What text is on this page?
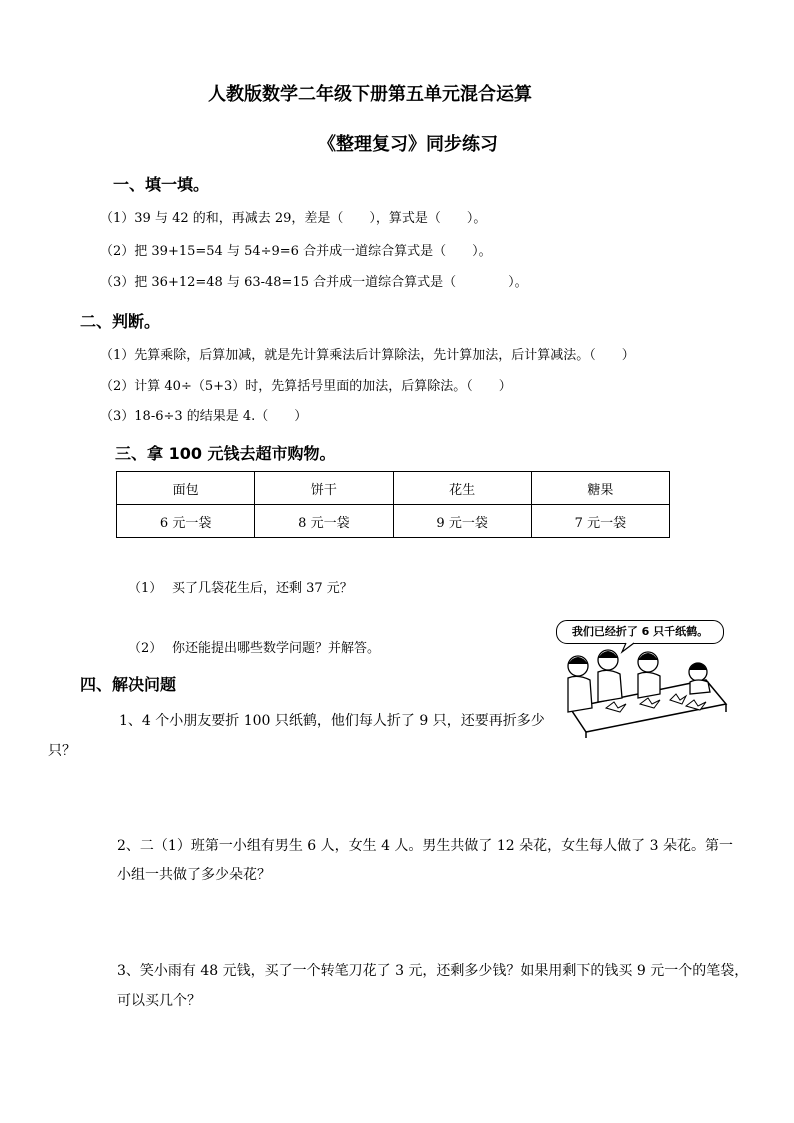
人教版数学二年级下册第五单元混合运算
《整理复习》同步练习
一、填一填。
（1）39 与 42 的和，再减去 29，差是（　　），算式是（　　）。
（2）把 39+15=54 与 54÷9=6 合并成一道综合算式是（　　）。
（3）把 36+12=48 与 63-48=15 合并成一道综合算式是（　　　　）。
二、判断。
（1）先算乘除，后算加减，就是先计算乘法后计算除法，先计算加法，后计算减法。（　　）
（2）计算 40÷（5+3）时，先算括号里面的加法，后算除法。（　　）
（3）18-6÷3 的结果是 4.（　　）
三、拿 100 元钱去超市购物。
面包	饼干	花生	糖果
6 元一袋	8 元一袋	9 元一袋	7 元一袋
（1） 买了几袋花生后，还剩 37 元？
（2） 你还能提出哪些数学问题？并解答。
我们已经折了 6 只千纸鹤。
四、解决问题
1、4 个小朋友要折 100 只纸鹤，他们每人折了 9 只，还要再折多少
只？
2、二（1）班第一小组有男生 6 人，女生 4 人。男生共做了 12 朵花，女生每人做了 3 朵花。第一
小组一共做了多少朵花？
3、笑小雨有 48 元钱，买了一个转笔刀花了 3 元，还剩多少钱？如果用剩下的钱买 9 元一个的笔袋，
可以买几个？
